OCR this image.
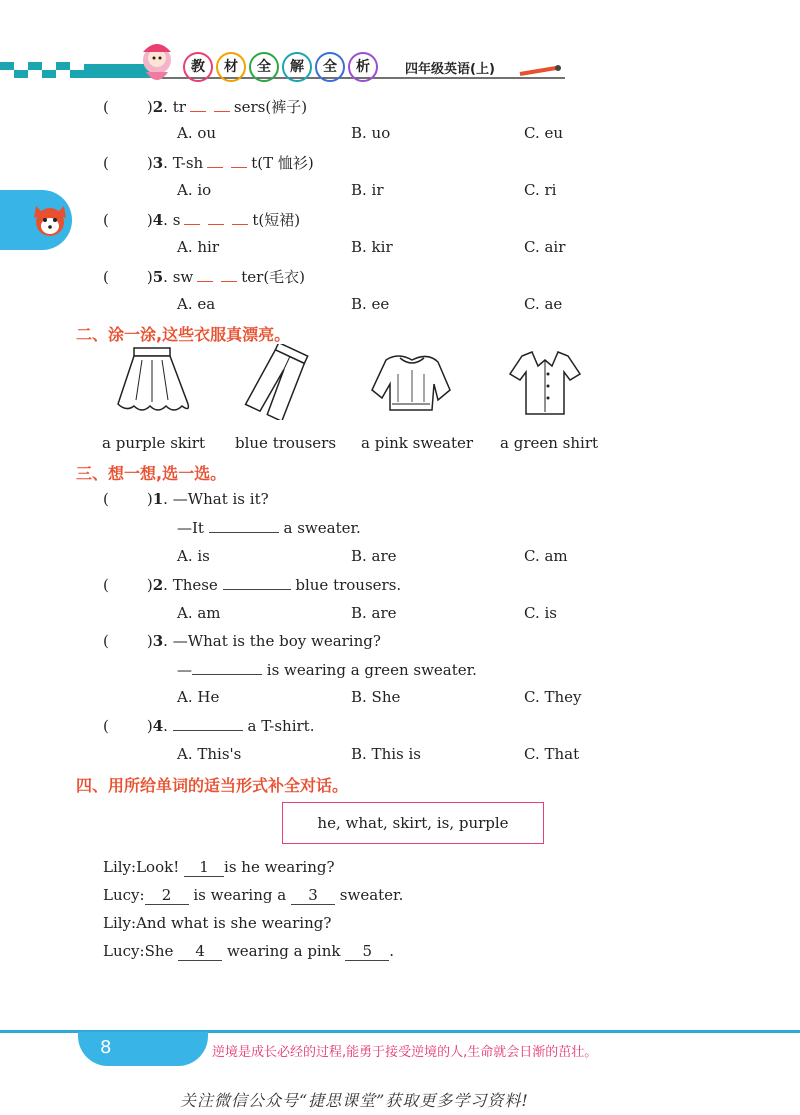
教	材	全	解	全	析	四年级英语(上)
(	)2. tr	sers(裤子)
A. ou	B. uo	C. eu
(	)3. T-sh	t(T 恤衫)
A. io	B. ir	C. ri
(	)4. s	t(短裙)
A. hir	B. kir	C. air
(	)5. sw	ter(毛衣)
A. ea	B. ee	C. ae
二、涂一涂,这些衣服真漂亮。
a purple skirt blue trousers a pink sweater a green shirt
三、想一想,选一选。
(	)1. —What is it?
—It	a sweater.
A. is	B. are	C. am
(	)2. These	blue trousers.
A. am	B. are	C. is
(	)3. —What is the boy wearing?
—	is wearing a green sweater.
A. He	B. She	C. They
(	)4.	a T-shirt.
A. This's	B. This is	C. That
四、用所给单词的适当形式补全对话。
he, what, skirt, is, purple
Lily:Look! 1 is he wearing?
Lucy: 2 is wearing a 3 sweater.
Lily:And what is she wearing?
Lucy:She 4 wearing a pink 5 .
8	逆境是成长必经的过程,能勇于接受逆境的人,生命就会日渐的茁壮。
关注微信公众号“捷思课堂”获取更多学习资料!
